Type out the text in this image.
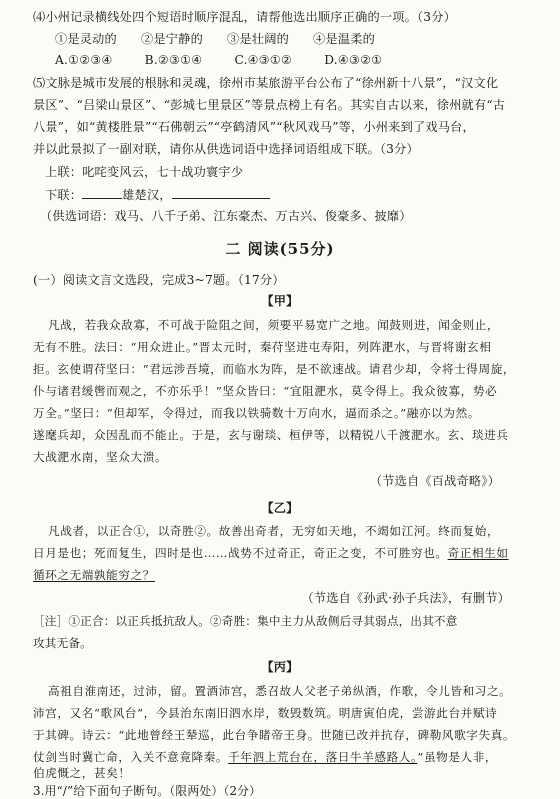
⑷小州记录横线处四个短语时顺序混乱，请帮他选出顺序正确的一项。（3分）
①是灵动的 ②是宁静的 ③是壮阔的 ④是温柔的
A.①②③④	B.②③①④	C.④③①②	D.④③②①
⑸文脉是城市发展的根脉和灵魂，徐州市某旅游平台公布了“徐州新十八景”，“汉文化
景区”、“吕梁山景区”、“彭城七里景区”等景点榜上有名。其实自古以来，徐州就有“古
八景”，如“黄楼胜景”“石佛朝云”“亭鹤清风”“秋风戏马”等，小州来到了戏马台，
并以此景拟了一副对联，请你从供选词语中选择词语组成下联。（3分）
上联：叱咤变风云，七十战功寰宇少
下联：	雄楚汉，
（供选词语：戏马、八千子弟、江东豪杰、万古兴、俊豪多、披靡）
二 阅读(55分)
(一）阅读文言文选段，完成3~7题。（17分）
【甲】
凡战，若我众敌寡，不可战于险阻之间，须要平易宽广之地。闻鼓则进，闻金则止，
无有不胜。法曰：“用众进止。”晋太元时，秦苻坚进屯寿阳，列阵淝水，与晋将谢玄相
拒。玄使谓苻坚曰：“君远涉吾境，而临水为阵，是不欲速战。请君少却，令将士得周旋，
仆与诸君缓辔而观之，不亦乐乎！”坚众皆曰：“宜阻淝水，莫令得上。我众彼寡，势必
万全。”坚曰：“但却军，令得过，而我以铁骑数十万向水，逼而杀之。”融亦以为然。
遂麾兵却，众因乱而不能止。于是，玄与谢琰、桓伊等，以精锐八千渡淝水。玄、琰进兵
大战淝水南，坚众大溃。
（节选自《百战奇略》）
【乙】
凡战者，以正合①，以奇胜②。故善出奇者，无穷如天地，不竭如江河。终而复始，
日月是也；死而复生，四时是也……战势不过奇正，奇正之变，不可胜穷也。奇正相生如
循环之无端孰能穷之？
（节选自《孙武·孙子兵法》，有删节）
［注］①正合：以正兵抵抗敌人。②奇胜：集中主力从敌侧后寻其弱点，出其不意
攻其无备。
【丙】
高祖自淮南还，过沛，留。置酒沛宫，悉召故人父老子弟纵酒，作歌，令儿皆和习之。
沛宫，又名“歌风台”，今县治东南旧泗水岸，数毁数筑。明唐寅伯虎，尝游此台并赋诗
于其碑。诗云：“此地曾经王辇巡，此台争睹帝王身。世随已改并抗存，碑勒风歌字失真。
仗剑当时冀亡命，入关不意竟降秦。千年泗上荒台在，落日牛羊感路人。”虽物是人非，
伯虎慨之，甚矣！
3.用“/”给下面句子断句。（限两处）（2分）
